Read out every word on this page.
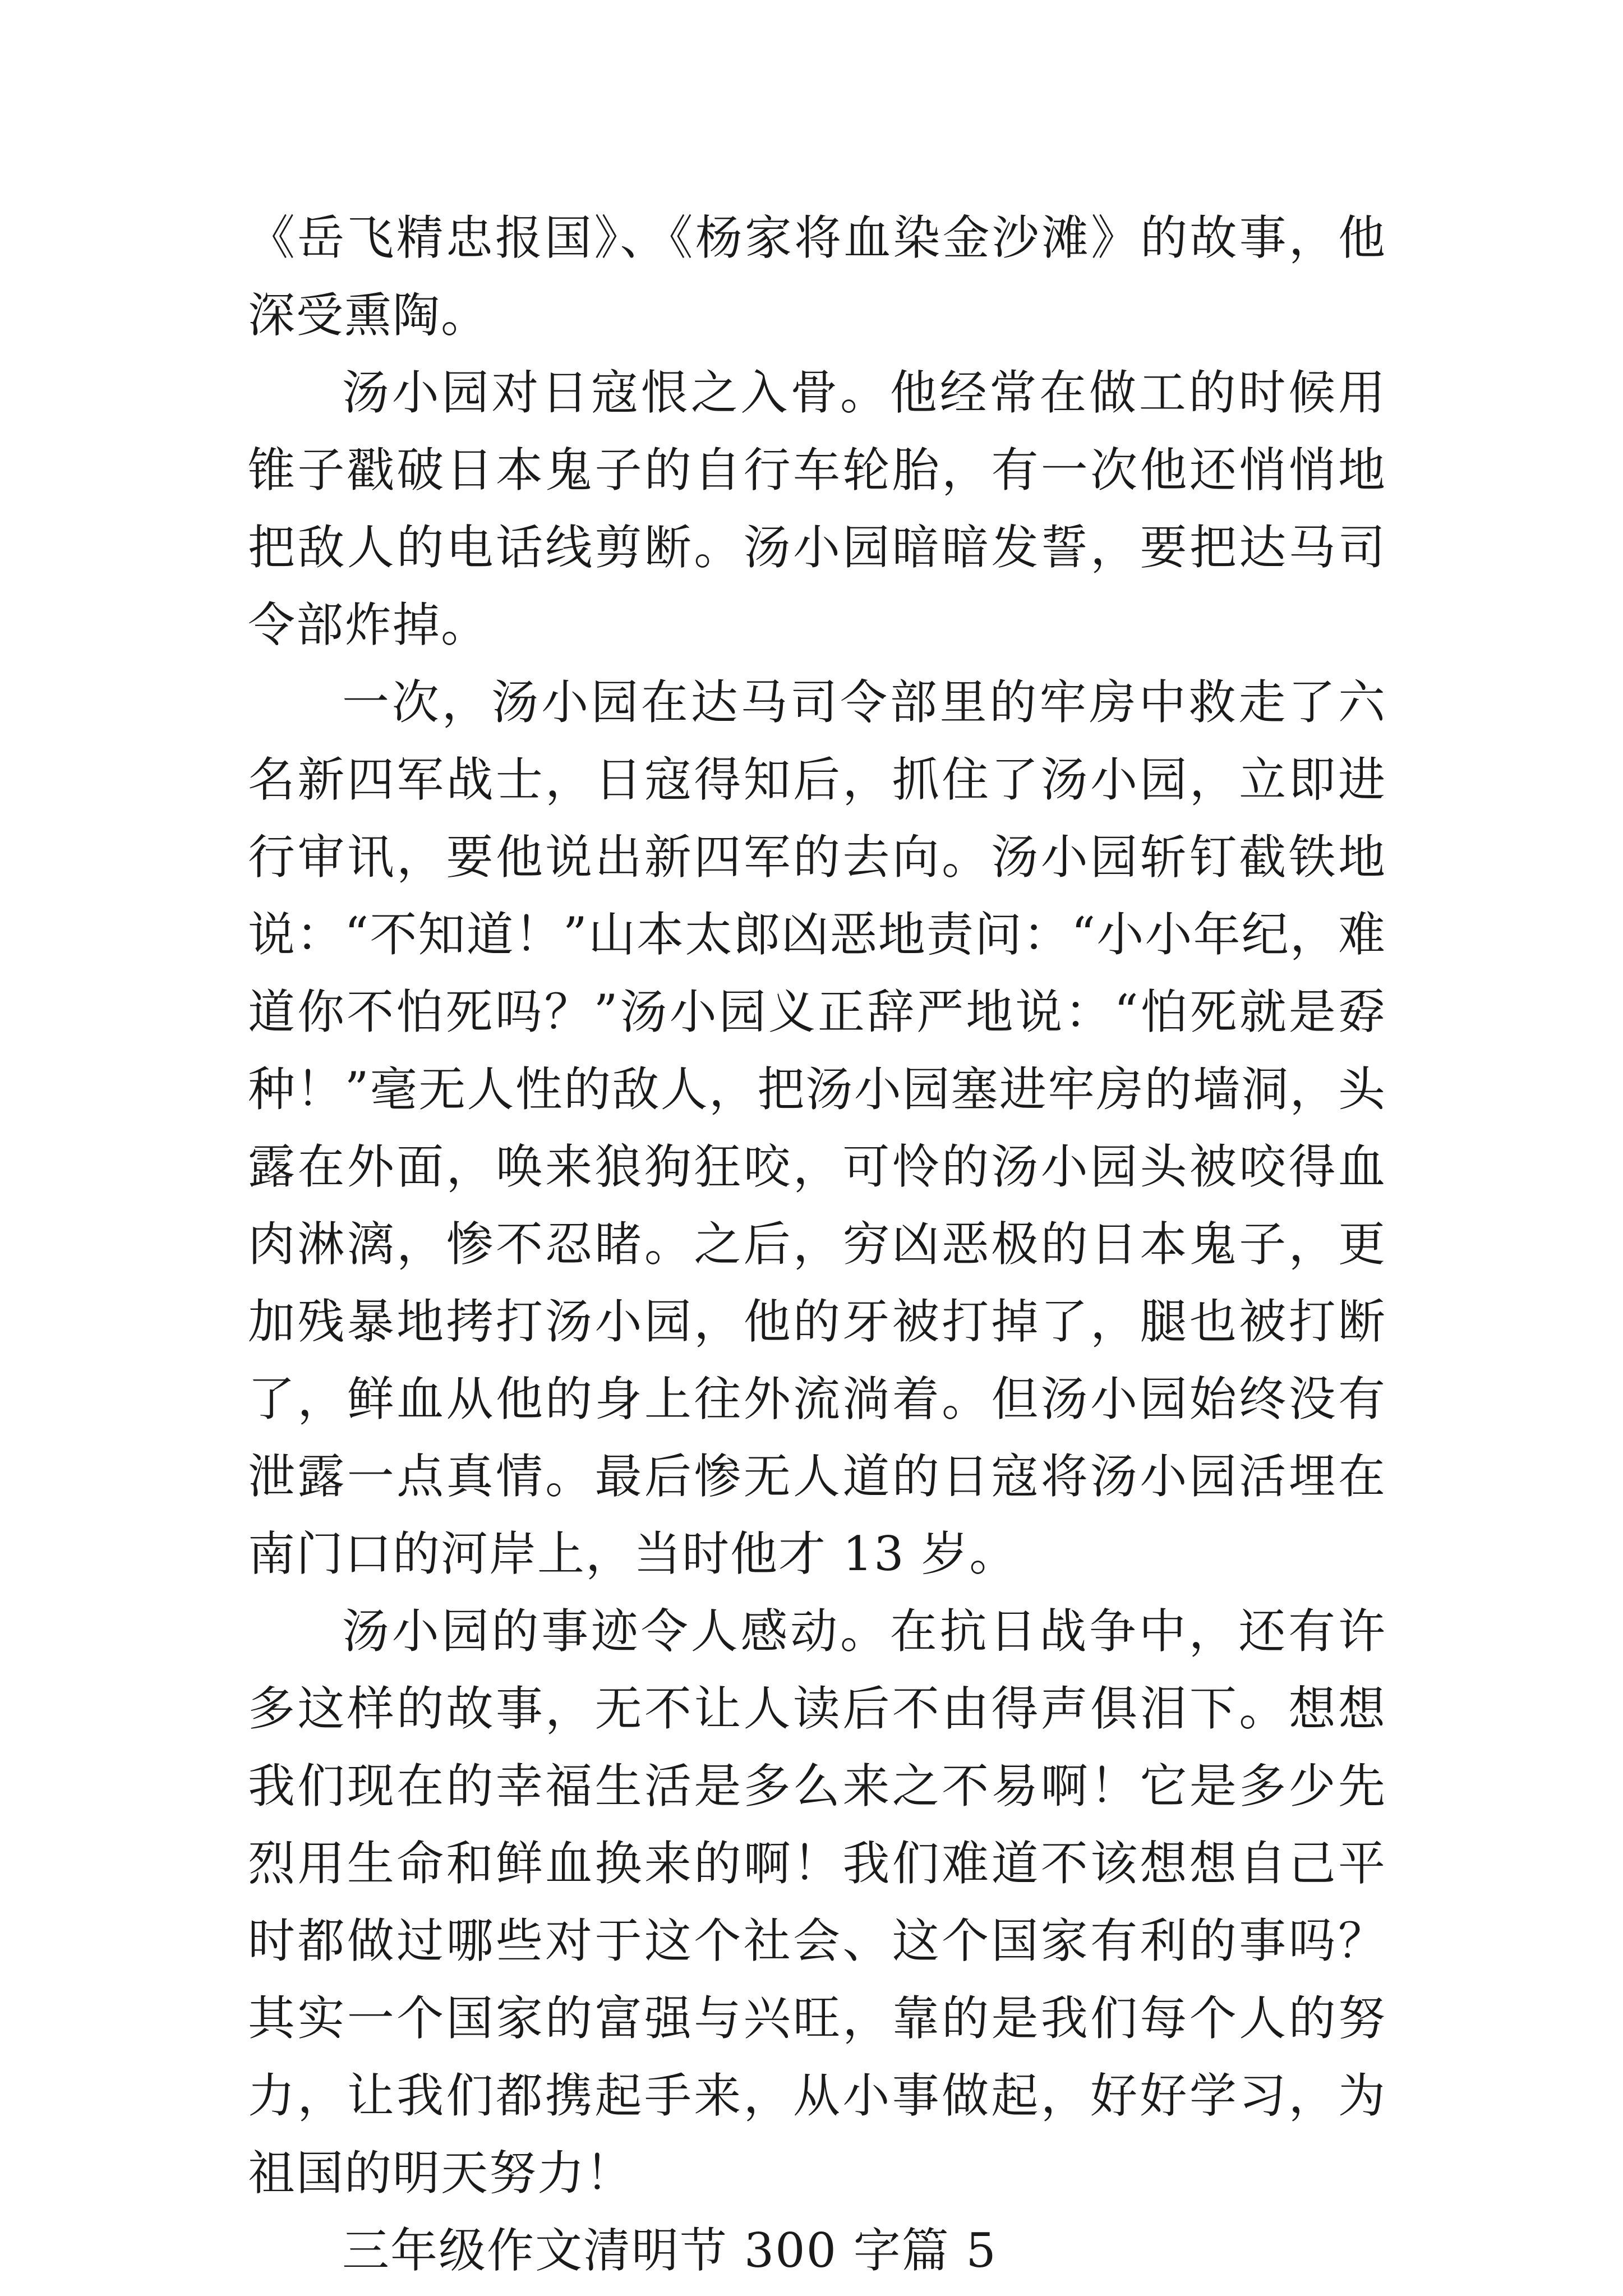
《岳飞精忠报国》、《杨家将血染金沙滩》的故事，他深受熏陶。

汤小园对日寇恨之入骨。他经常在做工的时候用锥子戳破日本鬼子的自行车轮胎，有一次他还悄悄地把敌人的电话线剪断。汤小园暗暗发誓，要把达马司令部炸掉。

一次，汤小园在达马司令部里的牢房中救走了六名新四军战士，日寇得知后，抓住了汤小园，立即进行审讯，要他说出新四军的去向。汤小园斩钉截铁地说：“不知道！”山本太郎凶恶地责问：“小小年纪，难道你不怕死吗？”汤小园义正辞严地说：“怕死就是孬种！”毫无人性的敌人，把汤小园塞进牢房的墙洞，头露在外面，唤来狼狗狂咬，可怜的汤小园头被咬得血肉淋漓，惨不忍睹。之后，穷凶恶极的日本鬼子，更加残暴地拷打汤小园，他的牙被打掉了，腿也被打断了，鲜血从他的身上往外流淌着。但汤小园始终没有泄露一点真情。最后惨无人道的日寇将汤小园活埋在南门口的河岸上，当时他才 13 岁。

汤小园的事迹令人感动。在抗日战争中，还有许多这样的故事，无不让人读后不由得声俱泪下。想想我们现在的幸福生活是多么来之不易啊！它是多少先烈用生命和鲜血换来的啊！我们难道不该想想自己平时都做过哪些对于这个社会、这个国家有利的事吗？其实一个国家的富强与兴旺，靠的是我们每个人的努力，让我们都携起手来，从小事做起，好好学习，为祖国的明天努力！

三年级作文清明节 300 字篇 5
